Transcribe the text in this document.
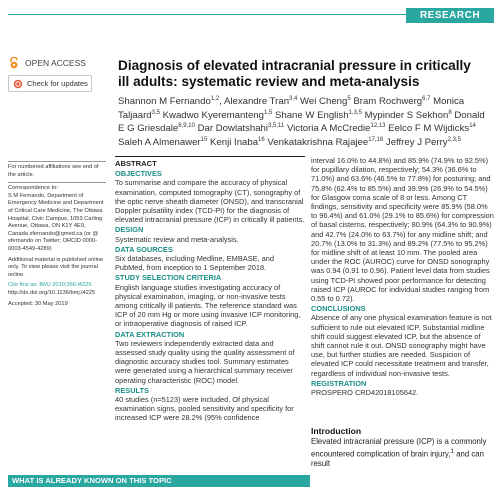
RESEARCH
OPEN ACCESS
Check for updates
Diagnosis of elevated intracranial pressure in critically ill adults: systematic review and meta-analysis
Shannon M Fernando$^{1,2}$, Alexandre Tran$^{3,4}$ Wei Cheng$^5$ Bram Rochwerg$^{6,7}$ Monica Taljaard$^{3,5}$ Kwadwo Kyeremanteng$^{1,5}$ Shane W English$^{1,3,5}$ Mypinder S Sekhon$^8$ Donald E G Griesdale$^{8,9,10}$ Dar Dowlatshahi$^{3,5,11}$ Victoria A McCredie$^{12,13}$ Eelco F M Wijdicks$^{14}$ Saleh A Almenawer$^{15}$ Kenji Inaba$^{16}$ Venkatakrishna Rajajee$^{17,18}$ Jeffrey J Perry$^{2,3,5}$
For numbered affiliations see end of the article.
Correspondence to:
S M Fernando, Department of Emergency Medicine and Department of Critical Care Medicine, The Ottawa Hospital, Civic Campus, 1053 Carling Avenue, Ottawa, ON K1Y 4E9, Canada sfernando@qmed.ca (or @ sfernando on Twitter; ORCID 0000-0003-4549-4289)
Additional material is published online only. To view please visit the journal online.
Cite this as: BMJ 2019;366:l4225
http://dx.doi.org/10.1136/bmj.l4225
Accepted: 30 May 2019
ABSTRACT
OBJECTIVES
To summarise and compare the accuracy of physical examination, computed tomography (CT), sonography of the optic nerve sheath diameter (ONSD), and transcranial Doppler pulsatility index (TCD-PI) for the diagnosis of elevated intracranial pressure (ICP) in critically ill patients.
DESIGN
Systematic review and meta-analysis.
DATA SOURCES
Six databases, including Medline, EMBASE, and PubMed, from inception to 1 September 2018.
STUDY SELECTION CRITERIA
English language studies investigating accuracy of physical examination, imaging, or non-invasive tests among critically ill patients. The reference standard was ICP of 20 mm Hg or more using invasive ICP monitoring, or intraoperative diagnosis of raised ICP.
DATA EXTRACTION
Two reviewers independently extracted data and assessed study quality using the quality assessment of diagnostic accuracy studies tool. Summary estimates were generated using a hierarchical summary receiver operating characteristic (ROC) model.
RESULTS
40 studies (n=5123) were included. Of physical examination signs, pooled sensitivity and specificity for increased ICP were 28.2% (95% confidence
interval 16.0% to 44.8%) and 85.9% (74.9% to 92.5%) for pupillary dilation, respectively; 54.3% (36.6% to 71.0%) and 63.6% (46.5% to 77.8%) for posturing; and 75.8% (62.4% to 85.5%) and 39.9% (26.9% to 54.5%) for Glasgow coma scale of 8 or less. Among CT findings, sensitivity and specificity were 85.9% (58.0% to 96.4%) and 61.0% (29.1% to 85.6%) for compression of basal cisterns, respectively; 80.9% (64.3% to 90.9%) and 42.7% (24.0% to 63.7%) for any midline shift; and 20.7% (13.0% to 31.3%) and 89.2% (77.5% to 95.2%) for midline shift of at least 10 mm. The pooled area under the ROC (AUROC) curve for ONSD sonography was 0.94 (0.91 to 0.96). Patient level data from studies using TCD-PI showed poor performance for detecting raised ICP (AUROC for individual studies ranging from 0.55 to 0.72).
CONCLUSIONS
Absence of any one physical examination feature is not sufficient to rule out elevated ICP. Substantial midline shift could suggest elevated ICP, but the absence of shift cannot rule it out. ONSD sonography might have use, but further studies are needed. Suspicion of elevated ICP could necessitate treatment and transfer, regardless of individual non-invasive tests.
REGISTRATION
PROSPERO CRD42018105642.
Introduction
Elevated intracranial pressure (ICP) is a commonly encountered complication of brain injury,$^1$ and can result
WHAT IS ALREADY KNOWN ON THIS TOPIC
